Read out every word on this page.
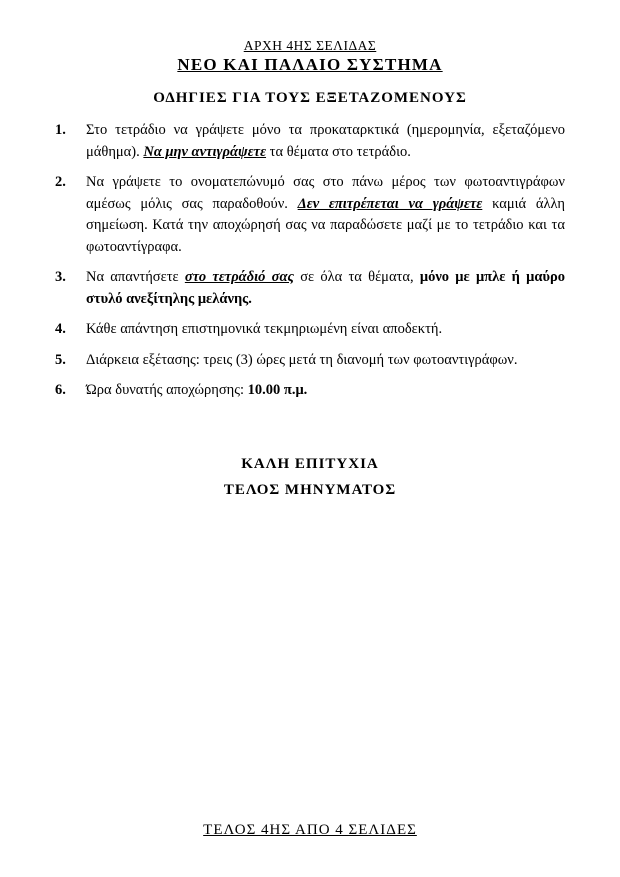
ΑΡΧΗ 4ΗΣ ΣΕΛΙΔΑΣ
ΝΕΟ ΚΑΙ ΠΑΛΑΙΟ ΣΥΣΤΗΜΑ
ΟΔΗΓΙΕΣ ΓΙΑ ΤΟΥΣ ΕΞΕΤΑΖΟΜΕΝΟΥΣ
1. Στο τετράδιο να γράψετε μόνο τα προκαταρκτικά (ημερομηνία, εξεταζόμενο μάθημα). Να μην αντιγράψετε τα θέματα στο τετράδιο.
2. Να γράψετε το ονοματεπώνυμό σας στο πάνω μέρος των φωτοαντιγράφων αμέσως μόλις σας παραδοθούν. Δεν επιτρέπεται να γράψετε καμιά άλλη σημείωση. Κατά την αποχώρησή σας να παραδώσετε μαζί με το τετράδιο και τα φωτοαντίγραφα.
3. Να απαντήσετε στο τετράδιό σας σε όλα τα θέματα, μόνο με μπλε ή μαύρο στυλό ανεξίτηλης μελάνης.
4. Κάθε απάντηση επιστημονικά τεκμηριωμένη είναι αποδεκτή.
5. Διάρκεια εξέτασης: τρεις (3) ώρες μετά τη διανομή των φωτοαντιγράφων.
6. Ώρα δυνατής αποχώρησης: 10.00 π.μ.
ΚΑΛΗ ΕΠΙΤΥΧΙΑ
ΤΕΛΟΣ ΜΗΝΥΜΑΤΟΣ
ΤΕΛΟΣ 4ΗΣ ΑΠΟ 4 ΣΕΛΙΔΕΣ
